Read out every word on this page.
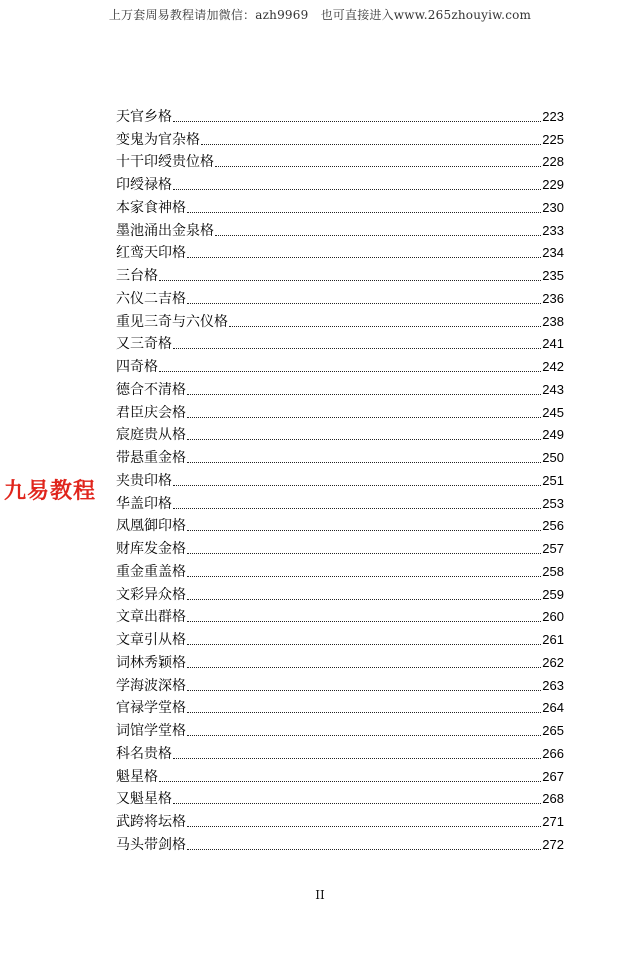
上万套周易教程请加微信：azh9969　也可直接进入www.265zhouyiw.com
天官乡格	223
变鬼为官杂格	225
十干印绶贵位格	228
印绶禄格	229
本家食神格	230
墨池涌出金泉格	233
红鸾天印格	234
三台格	235
六仪二吉格	236
重见三奇与六仪格	238
又三奇格	241
四奇格	242
德合不清格	243
君臣庆会格	245
宸庭贵从格	249
带悬重金格	250
夹贵印格	251
华盖印格	253
凤凰御印格	256
财库发金格	257
重金重盖格	258
文彩异众格	259
文章出群格	260
文章引从格	261
词林秀颖格	262
学海波深格	263
官禄学堂格	264
词馆学堂格	265
科名贵格	266
魁星格	267
又魁星格	268
武跨将坛格	271
马头带剑格	272
九易教程
II
